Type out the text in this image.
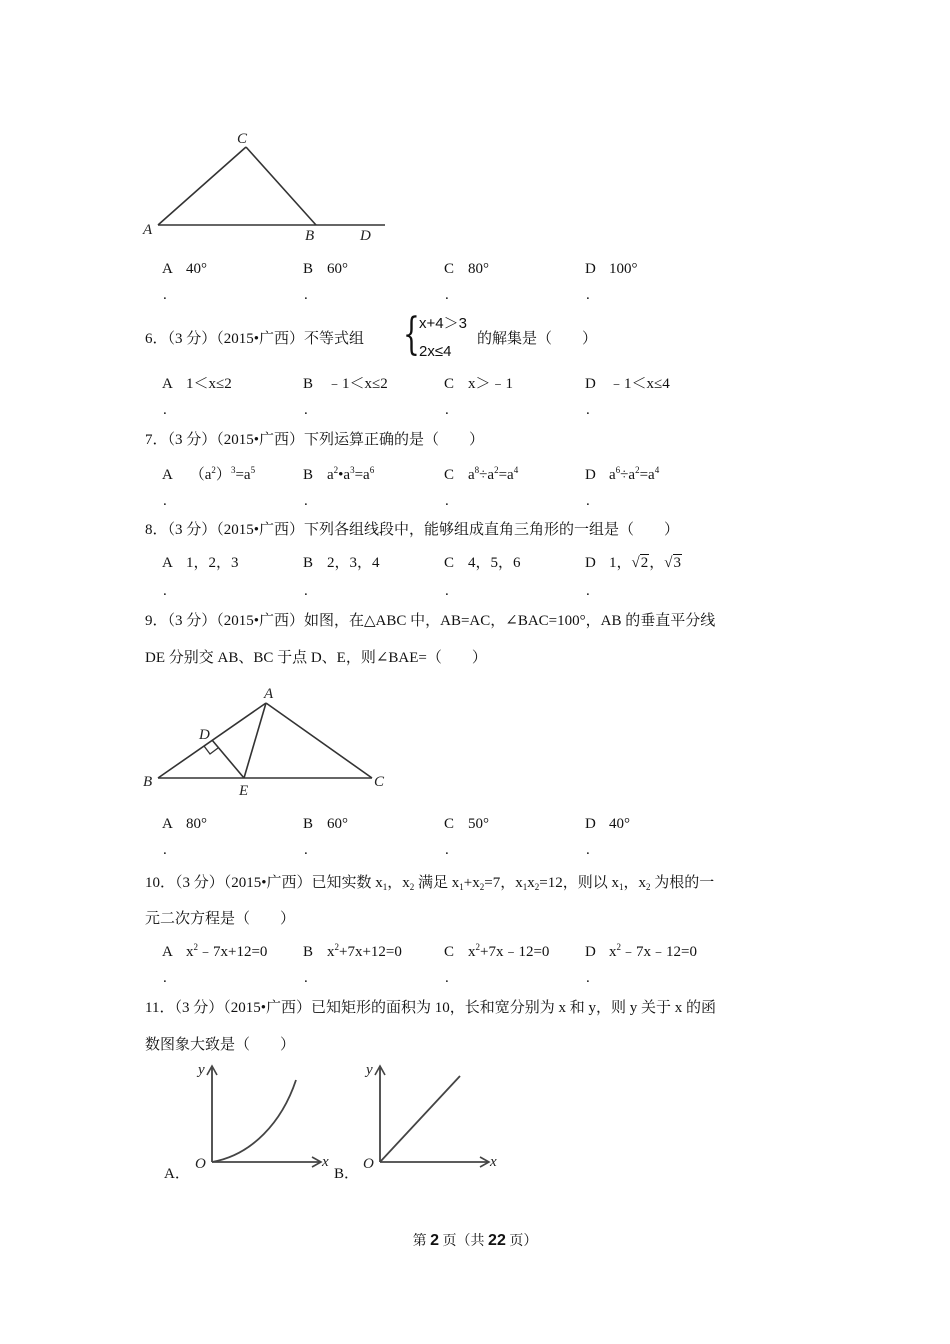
C
A	B	D
A 40°	B 60°	C 80°	D 100°
.	.	.	.
6．（3 分）（2015•广西）不等式组 { x+4＞3
2x≤4
的解集是（　　）
A 1＜x≤2	B ﹣1＜x≤2	C x＞﹣1	D ﹣1＜x≤4
.	.	.	.
7．（3 分）（2015•广西）下列运算正确的是（　　）
A $(a^2)^3=a^5$	B $a^2•a^3=a^6$	C $a^8\div a^2=a^4$	D $a^6\div a^2=a^4$
.	.	.	.
8．（3 分）（2015•广西）下列各组线段中，能够组成直角三角形的一组是（　　）
A 1，2，3	B 2，3，4	C 4，5，6	D 1，√2，√3
.	.	.	.
9．（3 分）（2015•广西）如图，在△ABC 中，AB=AC，∠BAC=100°，AB 的垂直平分线
DE 分别交 AB、BC 于点 D、E，则∠BAE=（　　）
A
D
B
E
C
A 80°	B 60°	C 50°	D 40°
.	.	.	.
10．（3 分）（2015•广西）已知实数 $x_1$，$x_2$ 满足 $x_1+x_2=7$，$x_1x_2=12$，则以 $x_1$，$x_2$ 为根的一
元二次方程是（　　）
A $x^2﹣7x+12=0$ B $x^2+7x+12=0$	C $x^2+7x﹣12=0$ D $x^2﹣7x﹣12=0$
.	.	.	.
11．（3 分）（2015•广西）已知矩形的面积为 10，长和宽分别为 x 和 y，则 y 关于 x 的函
数图象大致是（　　）
A．
y
x
O
B．
y
x
O
第 2 页（共 22 页）
